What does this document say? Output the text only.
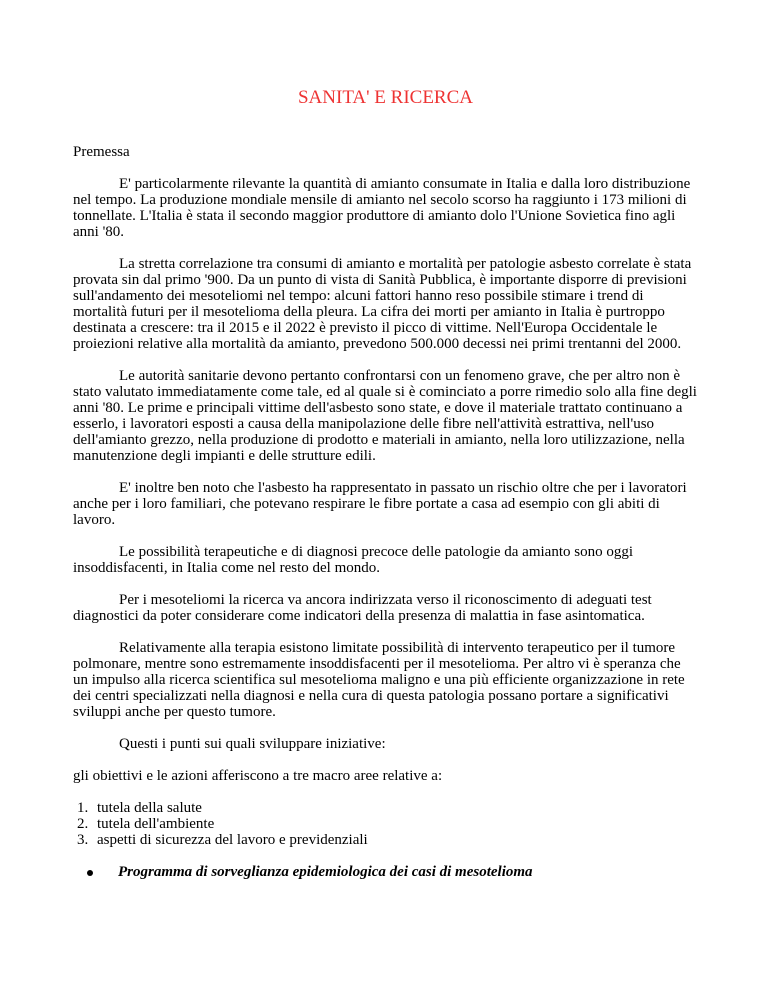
SANITA' E RICERCA

Premessa

E' particolarmente rilevante la quantità di amianto consumate in Italia e dalla loro distribuzione nel tempo. La produzione mondiale mensile di amianto nel secolo scorso ha raggiunto i 173 milioni di tonnellate. L'Italia è stata il secondo maggior produttore di amianto dolo l'Unione Sovietica fino agli anni '80.

La stretta correlazione tra consumi di amianto e mortalità per patologie asbesto correlate è stata provata sin dal primo '900. Da un punto di vista di Sanità Pubblica, è importante disporre di previsioni sull'andamento dei mesoteliomi nel tempo: alcuni fattori hanno reso possibile stimare i trend di mortalità futuri per il mesotelioma della pleura. La cifra dei morti per amianto in Italia è purtroppo destinata a crescere: tra il 2015 e il 2022 è previsto il picco di vittime. Nell'Europa Occidentale le proiezioni relative alla mortalità da amianto, prevedono 500.000 decessi nei primi trentanni del 2000.

Le autorità sanitarie devono pertanto confrontarsi con un fenomeno grave, che per altro non è stato valutato immediatamente come tale, ed al quale si è cominciato a porre rimedio solo alla fine degli anni '80. Le prime e principali vittime dell'asbesto sono state, e dove il materiale trattato continuano a esserlo, i lavoratori esposti a causa della manipolazione delle fibre nell'attività estrattiva, nell'uso dell'amianto grezzo, nella produzione di prodotto e materiali in amianto, nella loro utilizzazione, nella manutenzione degli impianti e delle strutture edili.

E' inoltre ben noto che l'asbesto ha rappresentato in passato un rischio oltre che per i lavoratori anche per i loro familiari, che potevano respirare le fibre portate a casa ad esempio con gli abiti di lavoro.

Le possibilità terapeutiche e di diagnosi precoce delle patologie da amianto sono oggi insoddisfacenti, in Italia come nel resto del mondo.

Per i mesoteliomi la ricerca va ancora indirizzata verso il riconoscimento di adeguati test diagnostici da poter considerare come indicatori della presenza di malattia in fase asintomatica.

Relativamente alla terapia esistono limitate possibilità di intervento terapeutico per il tumore polmonare, mentre sono estremamente insoddisfacenti per il mesotelioma. Per altro vi è speranza che un impulso alla ricerca scientifica sul mesotelioma maligno e una più efficiente organizzazione in rete dei centri specializzati nella diagnosi e nella cura di questa patologia possano portare a significativi sviluppi anche per questo tumore.

Questi i punti sui quali sviluppare iniziative:

gli obiettivi e le azioni afferiscono a tre macro aree relative a:

1. tutela della salute
2. tutela dell'ambiente
3. aspetti di sicurezza del lavoro e previdenziali
Programma di sorveglianza epidemiologica dei casi di mesotelioma
